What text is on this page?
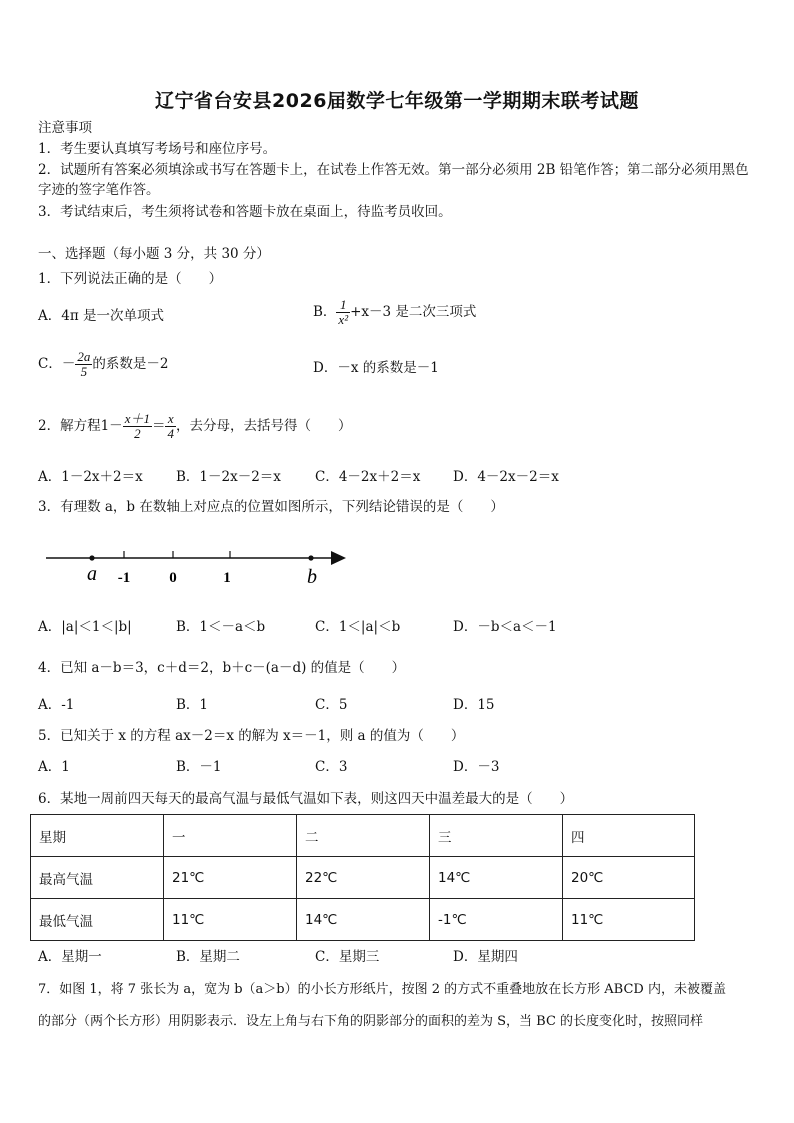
辽宁省台安县2026届数学七年级第一学期期末联考试题
注意事项
1．考生要认真填写考场号和座位序号。
2．试题所有答案必须填涂或书写在答题卡上，在试卷上作答无效。第一部分必须用 2B 铅笔作答；第二部分必须用黑色字迹的签字笔作答。
3．考试结束后，考生须将试卷和答题卡放在桌面上，待监考员收回。
一、选择题（每小题 3 分，共 30 分）
1．下列说法正确的是（　　）
A．4π 是一次单项式	B． $\frac{1}{\text{x²}} +x-3$ 是二次三项式
C．－ $\frac{2a}{5}$ 的系数是－2	D．－x 的系数是－1
2．解方程$1- \frac{x+1}{2} = \frac{x}{4}$ ，去分母，去括号得（　　）
A．1－2x＋2＝x B．1－2x－2＝x	C．4－2x＋2＝x D．4－2x－2＝x
3．有理数 a，b 在数轴上对应点的位置如图所示，下列结论错误的是（　　）
a -1	0	1	b
A．|a|＜1＜|b|	B．1＜－a＜b	C．1＜|a|＜b	D．－b＜a＜－1
4．已知 a－b＝3，c＋d＝2，b＋c－(a－d) 的值是（　　）
A．-1	B．1	C．5	D．15
5．已知关于 x 的方程 ax－2＝x 的解为 x＝－1，则 a 的值为（　　）
A．1	B．－1	C．3	D．－3
6．某地一周前四天每天的最高气温与最低气温如下表，则这四天中温差最大的是（　　）
星期	一	二	三	四
最高气温	21℃	22℃	14℃	20℃
最低气温	11℃	14℃	-1℃	11℃
A．星期一	B．星期二	C．星期三	D．星期四
7．如图 1，将 7 张长为 a，宽为 b（a＞b）的小长方形纸片，按图 2 的方式不重叠地放在长方形 ABCD 内，未被覆盖
的部分（两个长方形）用阴影表示．设左上角与右下角的阴影部分的面积的差为 S，当 BC 的长度变化时，按照同样
